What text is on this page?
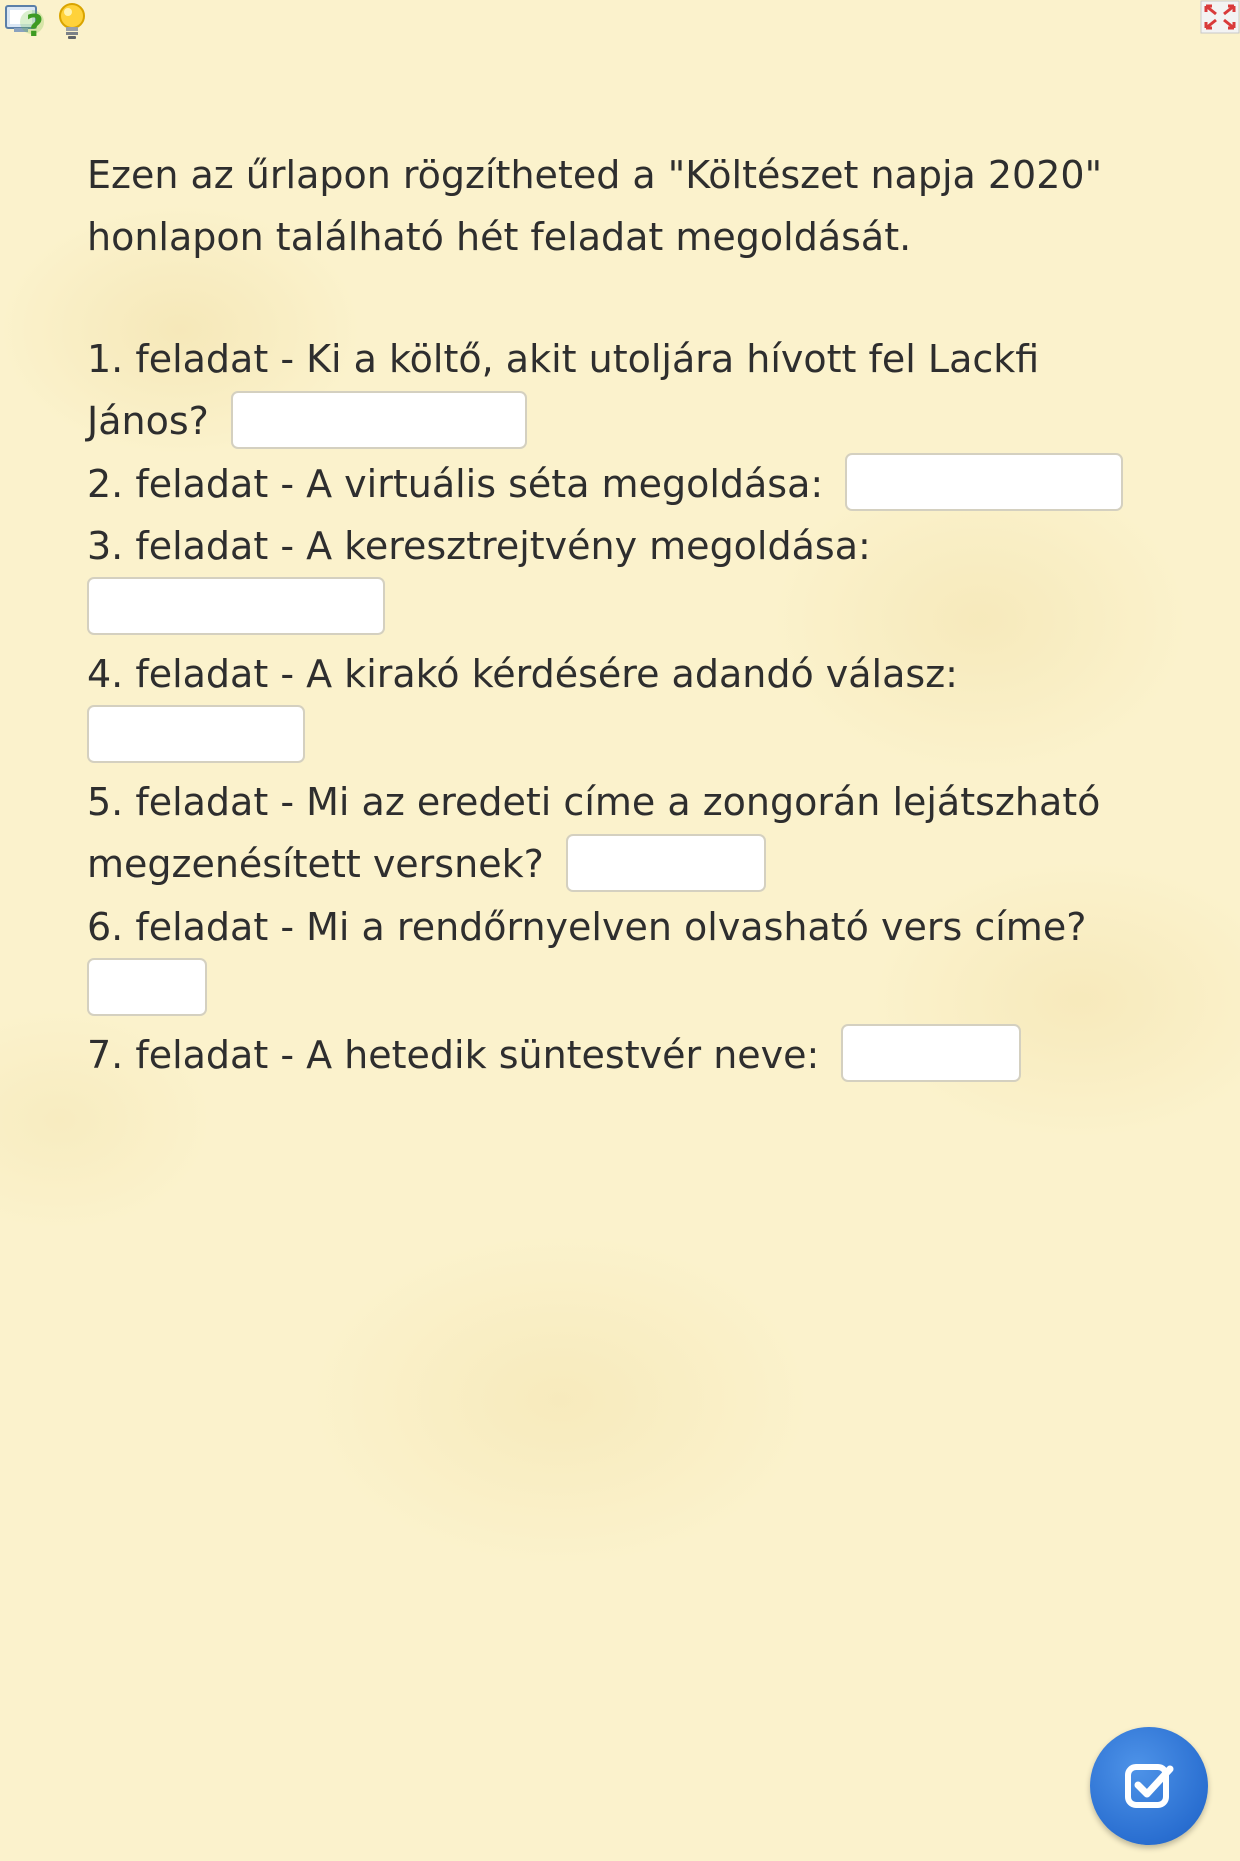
?

Ezen az űrlapon rögzítheted a "Költészet napja 2020" honlapon található hét feladat megoldását.

1. feladat - Ki a költő, akit utoljára hívott fel Lackfi János?

2. feladat - A virtuális séta megoldása:

3. feladat - A keresztrejtvény megoldása:

4. feladat - A kirakó kérdésére adandó válasz:

5. feladat - Mi az eredeti címe a zongorán lejátszható megzenésített versnek?

6. feladat - Mi a rendőrnyelven olvasható vers címe?

7. feladat - A hetedik süntestvér neve:
